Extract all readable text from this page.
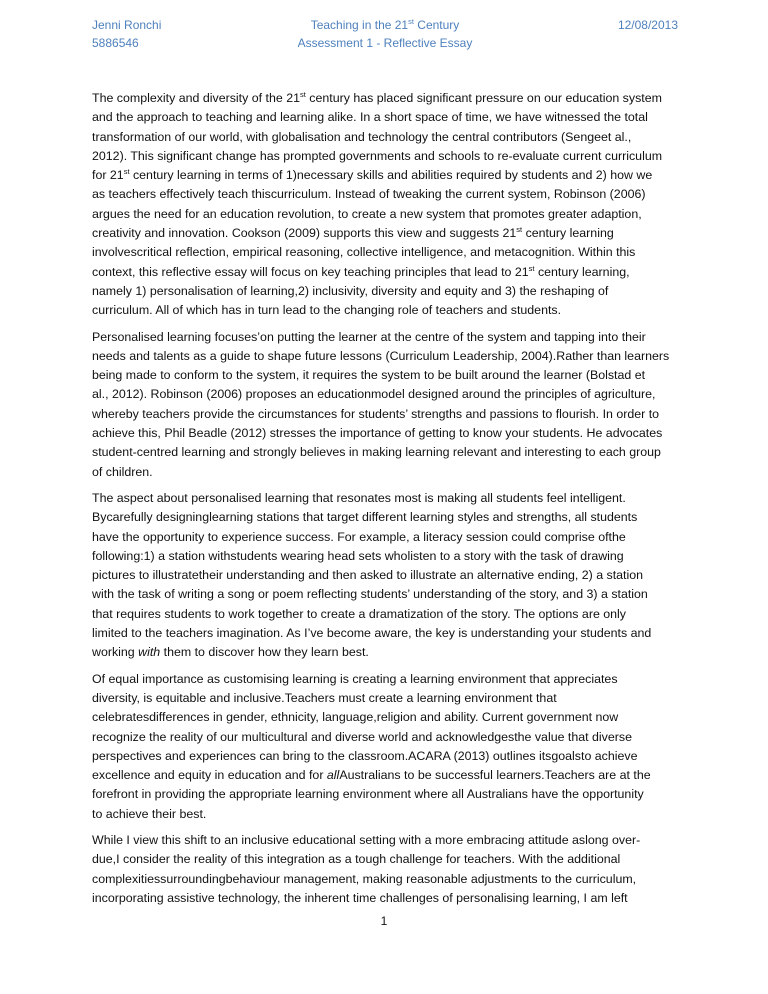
Jenni Ronchi
5886546
Teaching in the 21st Century
Assessment 1 - Reflective Essay
12/08/2013
The complexity and diversity of the 21st century has placed significant pressure on our education system
and the approach to teaching and learning alike. In a short space of time, we have witnessed the total
transformation of our world, with globalisation and technology the central contributors (Sengeet al.,
2012). This significant change has prompted governments and schools to re-evaluate current curriculum
for 21st century learning in terms of 1)necessary skills and abilities required by students and 2) how we
as teachers effectively teach thiscurriculum. Instead of tweaking the current system, Robinson (2006)
argues the need for an education revolution, to create a new system that promotes greater adaption,
creativity and innovation. Cookson (2009) supports this view and suggests 21st century learning
involvescritical reflection, empirical reasoning, collective intelligence, and metacognition. Within this
context, this reflective essay will focus on key teaching principles that lead to 21st century learning,
namely 1) personalisation of learning,2) inclusivity, diversity and equity and 3) the reshaping of
curriculum. All of which has in turn lead to the changing role of teachers and students.
Personalised learning focuses’on putting the learner at the centre of the system and tapping into their
needs and talents as a guide to shape future lessons (Curriculum Leadership, 2004).Rather than learners
being made to conform to the system, it requires the system to be built around the learner (Bolstad et
al., 2012). Robinson (2006) proposes an educationmodel designed around the principles of agriculture,
whereby teachers provide the circumstances for students’ strengths and passions to flourish. In order to
achieve this, Phil Beadle (2012) stresses the importance of getting to know your students. He advocates
student-centred learning and strongly believes in making learning relevant and interesting to each group
of children.
The aspect about personalised learning that resonates most is making all students feel intelligent.
Bycarefully designinglearning stations that target different learning styles and strengths, all students
have the opportunity to experience success. For example, a literacy session could comprise ofthe
following:1) a station withstudents wearing head sets wholisten to a story with the task of drawing
pictures to illustratetheir understanding and then asked to illustrate an alternative ending, 2) a station
with the task of writing a song or poem reflecting students’ understanding of the story, and 3) a station
that requires students to work together to create a dramatization of the story. The options are only
limited to the teachers imagination. As I’ve become aware, the key is understanding your students and
working with them to discover how they learn best.
Of equal importance as customising learning is creating a learning environment that appreciates
diversity, is equitable and inclusive.Teachers must create a learning environment that
celebratesdifferences in gender, ethnicity, language,religion and ability. Current government now
recognize the reality of our multicultural and diverse world and acknowledgesthe value that diverse
perspectives and experiences can bring to the classroom.ACARA (2013) outlines itsgoalsto achieve
excellence and equity in education and for allAustralians to be successful learners.Teachers are at the
forefront in providing the appropriate learning environment where all Australians have the opportunity
to achieve their best.
While I view this shift to an inclusive educational setting with a more embracing attitude aslong over-
due,I consider the reality of this integration as a tough challenge for teachers. With the additional
complexitiessurroundingbehaviour management, making reasonable adjustments to the curriculum,
incorporating assistive technology, the inherent time challenges of personalising learning, I am left
1
